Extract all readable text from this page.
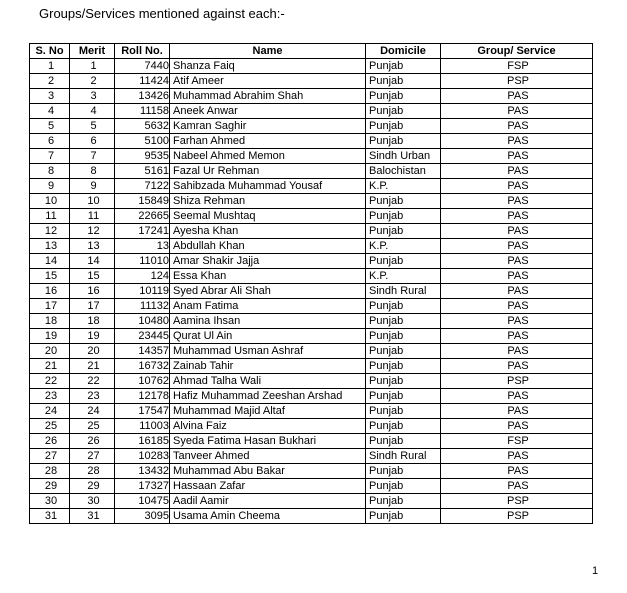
Groups/Services mentioned against each:-
S. No	Merit	Roll No.	Name	Domicile	Group/ Service
1	1	7440	Shanza Faiq	Punjab	FSP
2	2	11424	Atif Ameer	Punjab	PSP
3	3	13426	Muhammad Abrahim Shah	Punjab	PAS
4	4	11158	Aneek Anwar	Punjab	PAS
5	5	5632	Kamran Saghir	Punjab	PAS
6	6	5100	Farhan Ahmed	Punjab	PAS
7	7	9535	Nabeel Ahmed Memon	Sindh Urban	PAS
8	8	5161	Fazal Ur Rehman	Balochistan	PAS
9	9	7122	Sahibzada Muhammad Yousaf	K.P.	PAS
10	10	15849	Shiza Rehman	Punjab	PAS
11	11	22665	Seemal Mushtaq	Punjab	PAS
12	12	17241	Ayesha Khan	Punjab	PAS
13	13	13	Abdullah Khan	K.P.	PAS
14	14	11010	Amar Shakir Jajja	Punjab	PAS
15	15	124	Essa Khan	K.P.	PAS
16	16	10119	Syed Abrar Ali Shah	Sindh Rural	PAS
17	17	11132	Anam Fatima	Punjab	PAS
18	18	10480	Aamina Ihsan	Punjab	PAS
19	19	23445	Qurat Ul Ain	Punjab	PAS
20	20	14357	Muhammad Usman Ashraf	Punjab	PAS
21	21	16732	Zainab Tahir	Punjab	PAS
22	22	10762	Ahmad Talha Wali	Punjab	PSP
23	23	12178	Hafiz Muhammad Zeeshan Arshad	Punjab	PAS
24	24	17547	Muhammad Majid Altaf	Punjab	PAS
25	25	11003	Alvina Faiz	Punjab	PAS
26	26	16185	Syeda Fatima Hasan Bukhari	Punjab	FSP
27	27	10283	Tanveer Ahmed	Sindh Rural	PAS
28	28	13432	Muhammad Abu Bakar	Punjab	PAS
29	29	17327	Hassaan Zafar	Punjab	PAS
30	30	10475	Aadil Aamir	Punjab	PSP
31	31	3095	Usama Amin Cheema	Punjab	PSP
1
